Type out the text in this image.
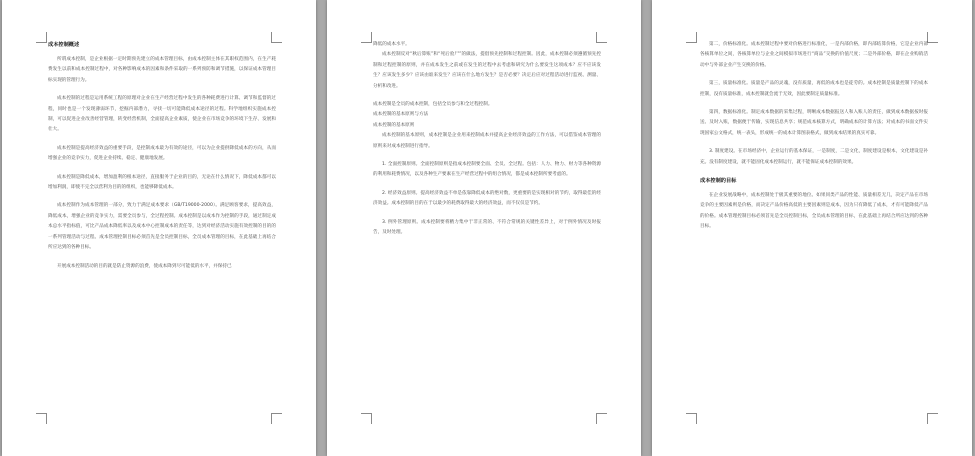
成本控制概述

所谓成本控制，是企业根据一定时期预先建立的成本管理目标，由成本控制主体在其职权范围内，在生产耗费发生以前和成本控制过程中，对各种影响成本的因素和条件采取的一系列预防和调节措施，以保证成本管理目标实现的管理行为。

成本控制的过程是运用系统工程的原理对企业在生产经营过程中发生的各种耗费进行计算、调节和监督的过程，同时也是一个发现薄弱环节，挖掘内部潜力，寻找一切可能降低成本途径的过程。科学地组织实施成本控制，可以促进企业改善经营管理，转变经营机制，全面提高企业素质，使企业在市场竞争的环境下生存、发展和壮大。

成本控制是提高经济效益的重要手段，是控制成本最为有效的途径，可以为企业提供降低成本的方向，从而增强企业的竞争实力，促进企业持续、稳定、健康地发展。

成本控制是降低成本，增加盈利的根本途径，直接服务于企业的目的，无论在什么情况下，降低成本都可以增加利润，即使不完全以营利为目的的组织，也能够降低成本。

成本控制作为成本管理的一部分，致力于满足成本要求（GB/T19000-2000）。满足顾客要求，提高效益，降低成本，增强企业的竞争实力，需要全员参与，全过程控制。成本控制是以成本作为控制的手段，通过制定成本总水平指标值，可比产品成本降低率以及成本中心控制成本的责任等，达到对经济活动实施有效控制的目的的一系列管理活动与过程。成本管理控制目标必须首先是全员控制目标，全员成本管理的目标，在此基础上再结合所应达到的各种目标。

开展成本控制活动的目的就是防止资源的浪费，使成本降到尽可能低的水平，并保持已

降低的成本水平。

成本控制反对“秋后算账”和“死后验尸”的做法，提倡预先控制和过程控制。因此，成本控制必须遵循预先控制和过程控制的原则，并在成本发生之前或在发生的过程中去考虑和研究为什么要发生这项成本？应不应该发生？应该发生多少？应该由谁来发生？应该在什么地方发生？是否必要？决定后应对过程活动进行监视、测量、分析和改进。

成本控制是全员的成本控制，包括全员参与和全过程控制。

成本控制的基本原则与方法

成本控制的基本原则

成本控制的基本原则，成本控制是企业用来控制成本并提高企业经济效益的工作方法，可以借鉴成本管理的原则来对成本控制进行指导。

1. 全面控制原则。全面控制原则是指成本控制要全面、全员、全过程。包括：人力、物力、财力等各种资源的利用和耗费情况，以及各种生产要素在生产经营过程中的组合情况，都是成本控制所要考虑的。

2. 经济效益原则。提高经济效益不单是依靠降低成本的绝对数，更重要的是实现相对的节约，取得最佳的经济效益。成本控制的目的在于以最少的耗费取得最大的经济效益，而不仅仅是节约。

3. 例外管理原则。成本控制要将精力集中于非正常的、不符合常规的关键性差异上，对于例外情况及时报告，及时处理。

第二，价格标准化。成本控制过程中要对价格进行标准化，一是内部价格，即内部结算价格，它是企业内部各核算单位之间，各核算单位与企业之间模拟市场进行“商品”交换的价值尺度；二是外部价格，即在企业购销活动中与外部企业产生交换的价格。

第三，质量标准化。质量是产品的灵魂，没有质量，再低的成本也是徒劳的。成本控制是质量控制下的成本控制，没有质量标准，成本控制就会流于无效，因此要制定质量标准。

第四，数据标准化。制定成本数据的采集过程，明晰成本数据报送人和入账人的责任，做到成本数据按时报送、及时入账，数据便于传输，实现信息共享；规范成本核算方式，明确成本的计算方法；对成本的书面文件实现国家公文格式，统一表头，形成统一的成本计算图表格式，做到成本结果的真实可靠。

3. 制度建设。在市场经济中，企业运行的基本保证，一是制度，二是文化，制度建设是根本，文化建设是补充。没有制度建设，就不能固化成本控制运行，就不能保证成本控制的效果。

成本控制的目标

在企业发展战略中，成本控制处于极其重要的地位。如果同类产品的性能、质量相差无几，决定产品在市场竞争的主要因素则是价格，而决定产品价格高低的主要因素则是成本，因为只有降低了成本，才有可能降低产品的价格。成本管理控制目标必须首先是全员控制目标，全员成本管理的目标，在此基础上再结合所应达到的各种目标。
